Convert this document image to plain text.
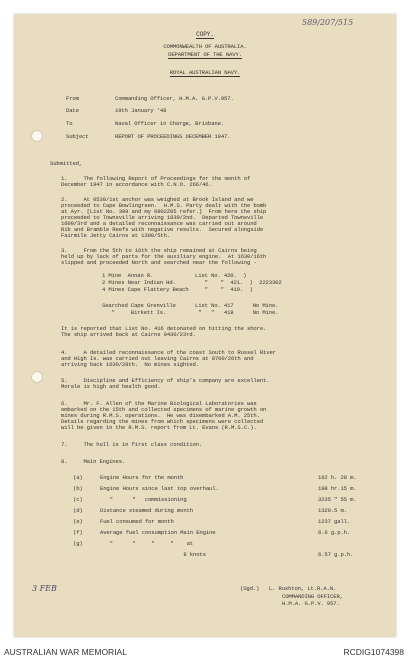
589/207/515
COPY.
COMMONWEALTH OF AUSTRALIA.
DEPARTMENT OF THE NAVY.
ROYAL AUSTRALIAN NAVY.
From	Commanding Officer, H.M.A. G.P.V.957.
Date	19th January '48
To	Naval Officer in Charge, Brisbane.
Subject	REPORT OF PROCEEDINGS DECEMBER 1947.
Submitted,
1.     The following Report of Proceedings for the month of
December 1947 in accordance with C.N.O. 266/46.
2.     At 0530/1st anchor was weighed at Brook Island and we
proceeded to Cape Bowlingreen.  H.M.S. Party dealt with the bomb
at Ayr. [List No. 399 and my 0902Z05 refer.]  From here the ship
proceeded to Townsville arriving 1830/2nd.  Departed Townsville
1600/3rd and a detailed reconnaissance was carried out around
Rib and Bramble Reefs with negative results.  Secured alongside
Fairmile Jetty Cairns at 1300/5th.
3.     From the 5th to 16th the ship remained at Cairns being
held up by lack of parts for the auxiliary engine.  At 1630/16th
slipped and proceeded North and searched near the following -
1 Mine  Annan R.             List No. 420.  )
2 Mines Near Indian Hd.         "    "  421.  )  2223302
4 Mines Cape Flattery Beach     "    "  419.  )
Searched Cape Grenville      List No. 417      No Mine.
"     Birkett Is.          "   "   418      No Mine.
It is reported that List No. 416 detonated on hitting the shore.
The ship arrived back at Cairns 0430/23rd.
4.     A detailed reconnaissance of the coast South to Russel River
and High Is. was carried out leaving Cairns at 0700/26th and
arriving back 1630/28th.  No mines sighted.
5.     Discipline and Efficiency of ship's company are excellent.
Morale is high and health good.
6.     Mr. F. Allen of the Marine Biological Laboratories was
embarked on the 15th and collected specimens of marine growth on
mines during R.M.S. operations.  He was disembarked A.M. 25th.
Details regarding the mines from which specimens were collected
will be given in the R.M.S. report from Lt. Evans (R.M.S.C.).
7.     The hull is in first class condition.
8.     Main Engines.
(a)	Engine Hours for the month	162 h. 20 m.
(b)	Engine Hours since last top overhaul.	198 hr.15 m.
(c)	"      "   commissioning	3235 " 55 m.
(d)	Distance steamed during month	1329.5 m.
(e)	Fuel consumed for month	1237 gall.
(f)	Average fuel consumption Main Engine	6.6 g.p.h.
(g)	"      "     "     "    at
8 knots	6.57 g.p.h.
(Sgd.)   L. Rushton, Lt.R.A.N.
COMMANDING OFFICER,
H.M.A. G.P.V. 957.
3 FEB
AUSTRALIAN WAR MEMORIAL	RCDIG1074398
